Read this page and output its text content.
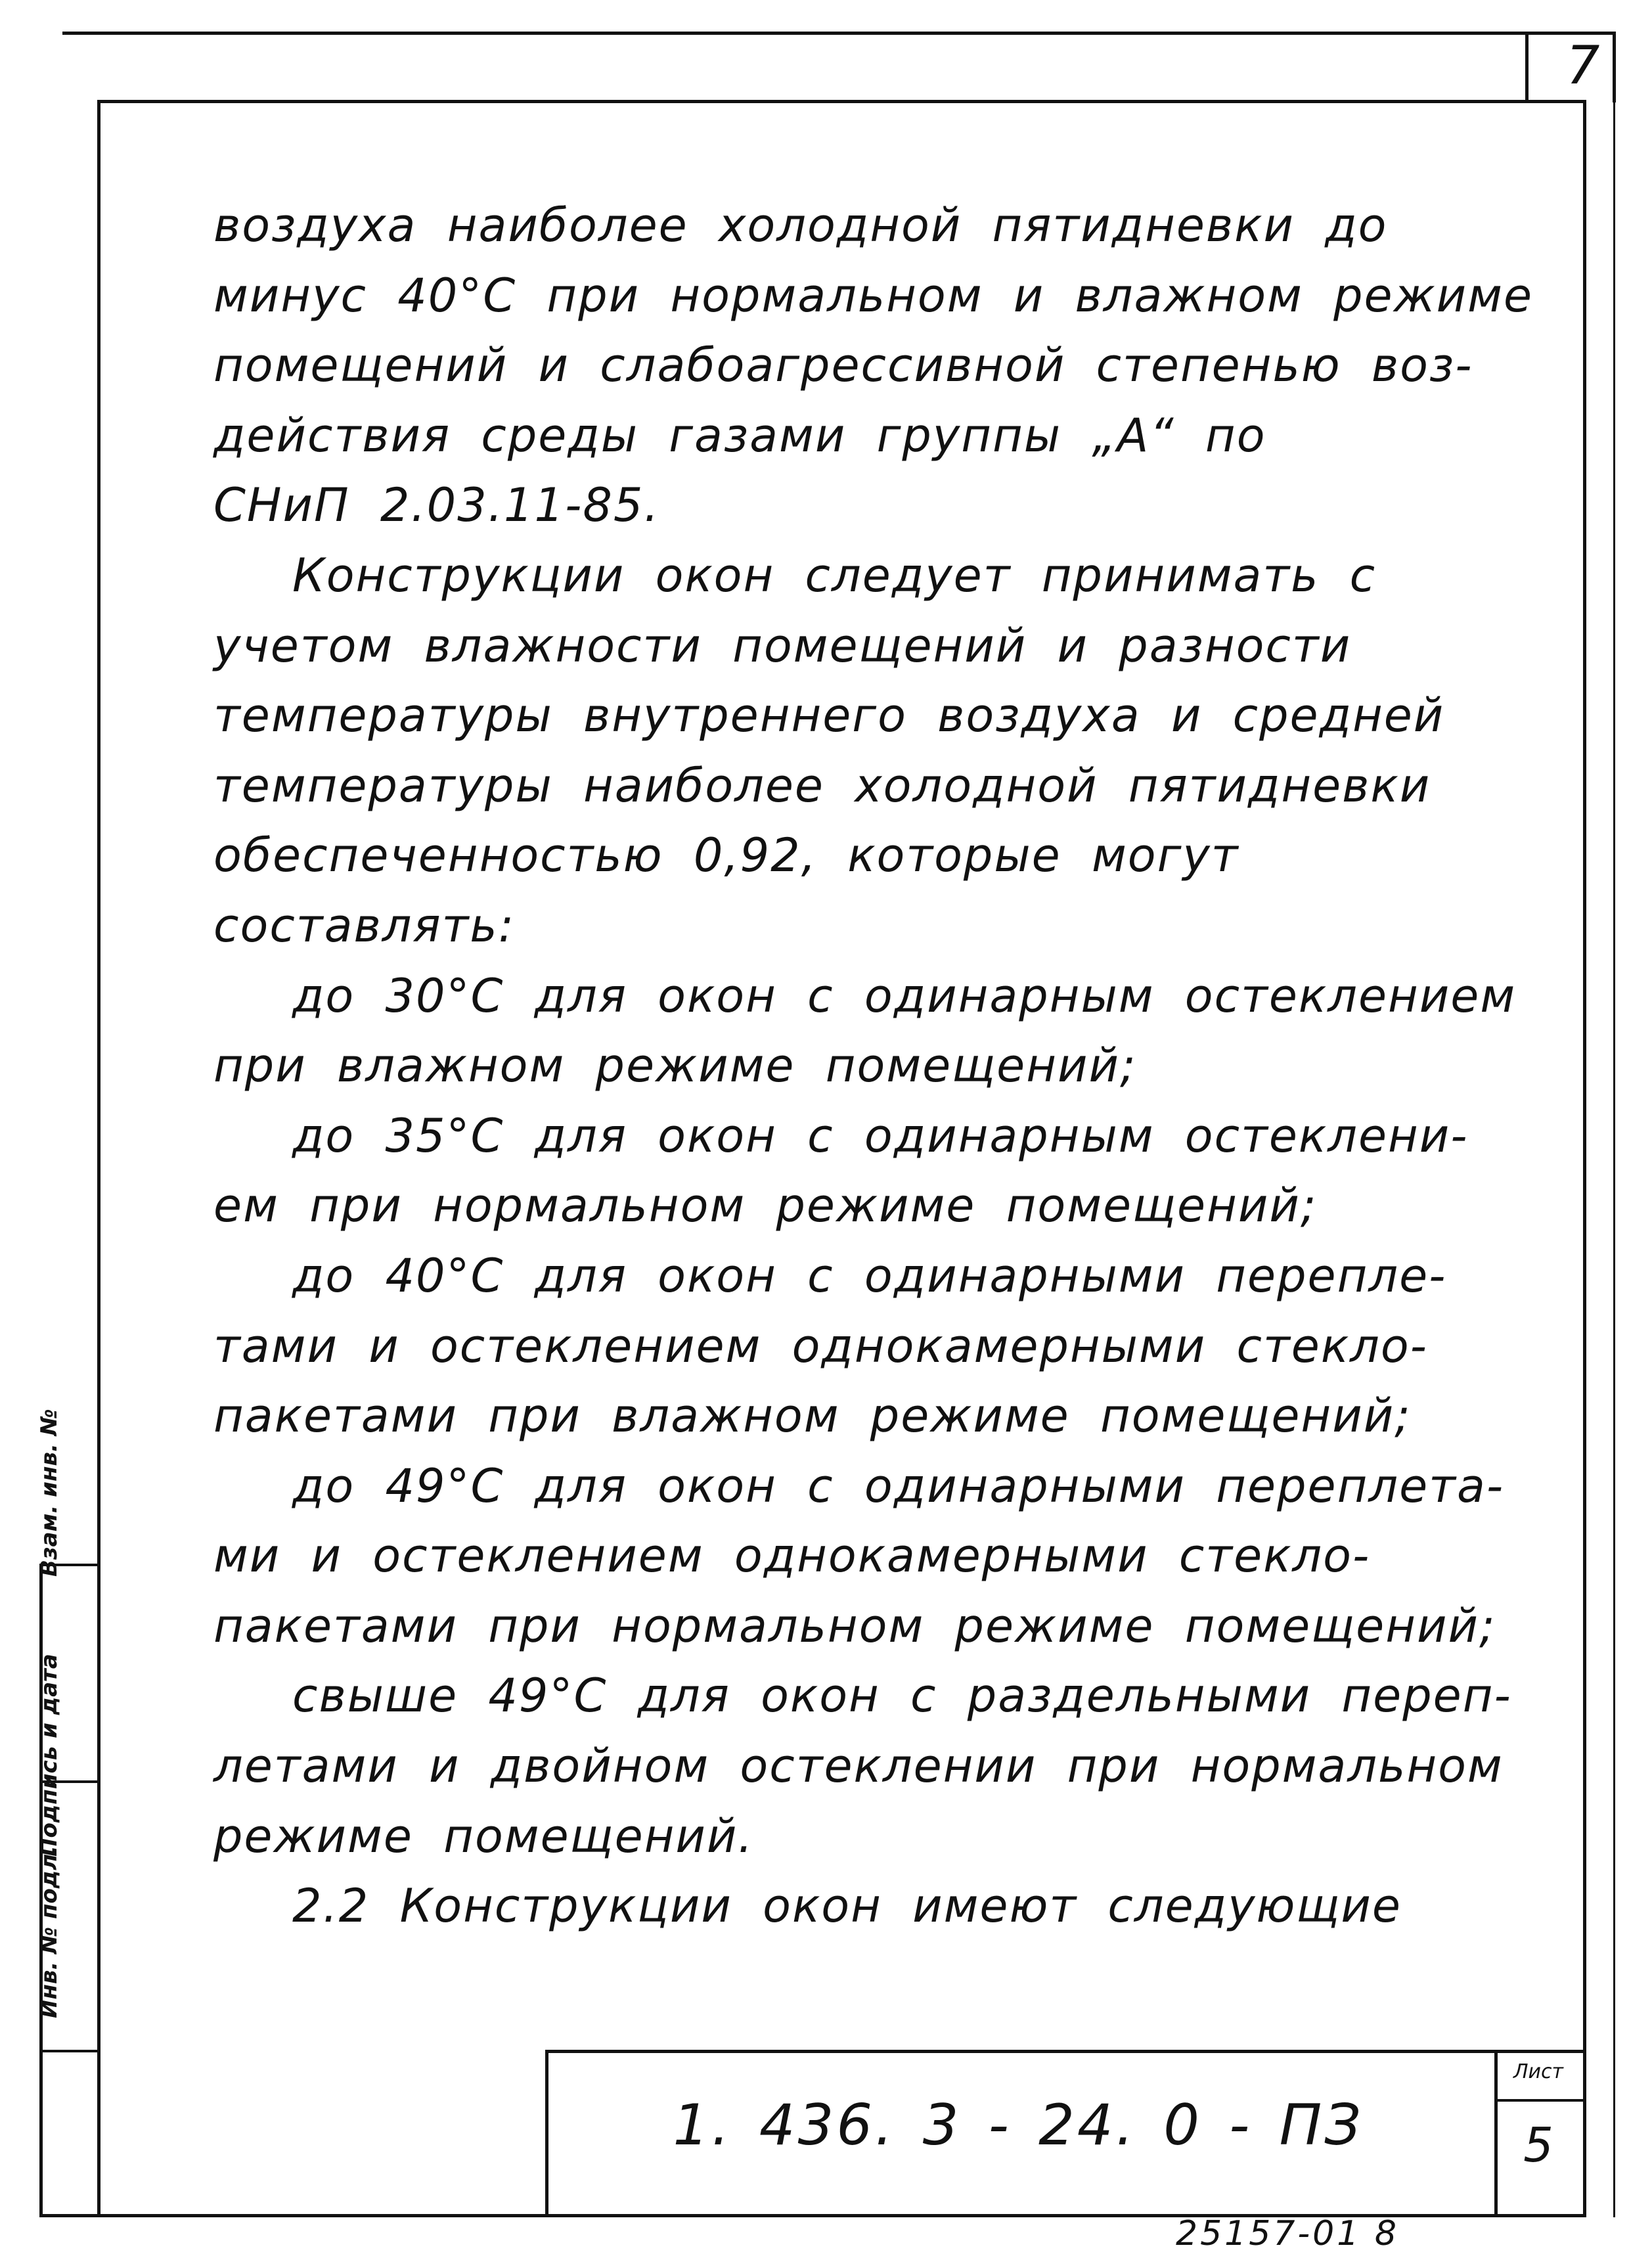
7
Инв. № подл.
Подпись и дата
Взам. инв. №
воздуха наиболее холодной пятидневки до
минус 40°С при нормальном и влажном режиме
помещений и слабоагрессивной степенью воз-
действия среды газами группы „А“ по
СНиП 2.03.11-85.
Конструкции окон следует принимать с
учетом влажности помещений и разности
температуры внутреннего воздуха и средней
температуры наиболее холодной пятидневки
обеспеченностью 0,92, которые могут
составлять:
до 30°С для окон с одинарным остеклением
при влажном режиме помещений;
до 35°С для окон с одинарным остеклени-
ем при нормальном режиме помещений;
до 40°С для окон с одинарными перепле-
тами и остеклением однокамерными стекло-
пакетами при влажном режиме помещений;
до 49°С для окон с одинарными переплета-
ми и остеклением однокамерными стекло-
пакетами при нормальном режиме помещений;
свыше 49°С для окон с раздельными переп-
летами и двойном остеклении при нормальном
режиме помещений.
2.2 Конструкции окон имеют следующие
1. 436. 3 - 24. 0 - ПЗ
Лист
5
25157-01 8
